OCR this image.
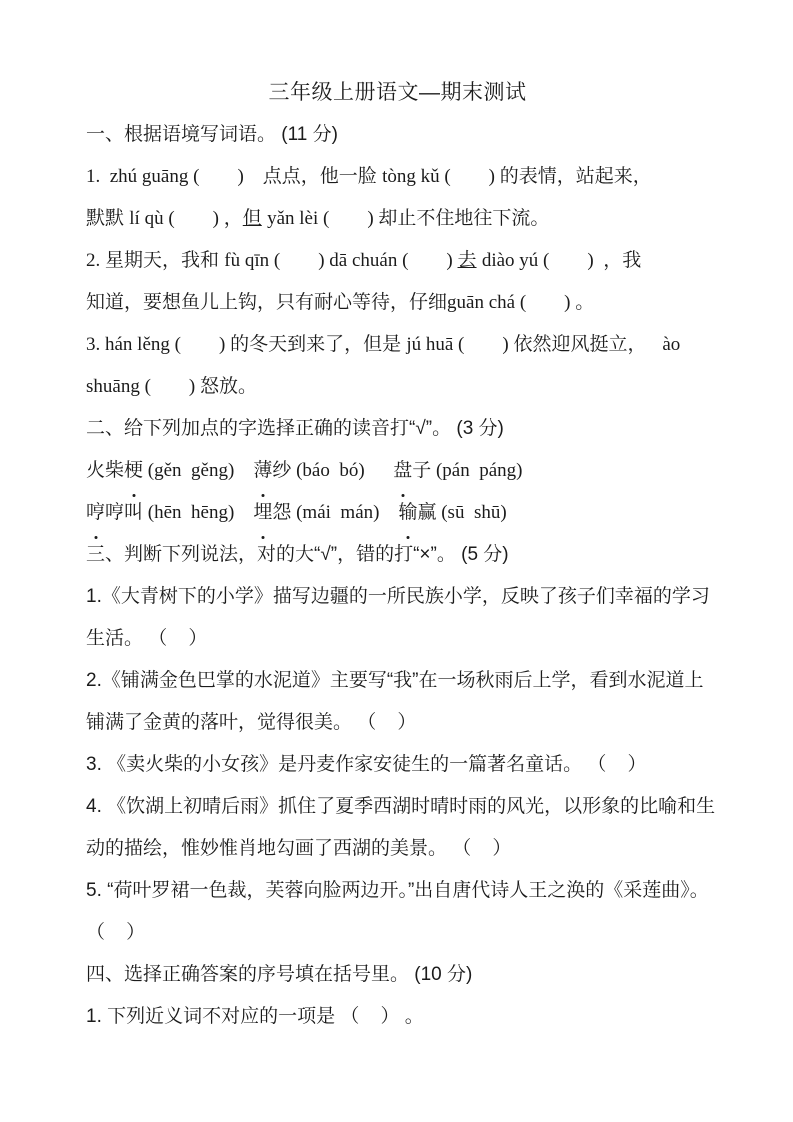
三年级上册语文—期末测试
一、根据语境写词语。 (11 分)
1.  zhú guāng (        )    点点，他一脸 tòng kǔ (        ) 的表情，站起来，
默默 lí qù (        ) ，但 yǎn lèi (        ) 却止不住地往下流。
2. 星期天，我和 fù qīn (        ) dā chuán (        ) 去 diào yú (        )  ，我
知道，要想鱼儿上钩，只有耐心等待，仔细guān chá (        ) 。
3. hán lěng (        ) 的冬天到来了，但是 jú huā (        ) 依然迎风挺立，   ào
shuāng (        ) 怒放。
二、给下列加点的字选择正确的读音打“√”。 (3 分)
火柴梗 (gěn  gěng)    薄纱 (báo  bó)      盘子 (pán  páng)
哼哼叫 (hēn  hēng)    埋怨 (mái  mán)    输赢 (sū  shū)
三、判断下列说法，对的大“√”，错的打“×”。 (5 分)
1.《大青树下的小学》描写边疆的一所民族小学，反映了孩子们幸福的学习
生活。 （    ）
2.《铺满金色巴掌的水泥道》主要写“我”在一场秋雨后上学，看到水泥道上
铺满了金黄的落叶，觉得很美。 （    ）
3. 《卖火柴的小女孩》是丹麦作家安徒生的一篇著名童话。 （    ）
4. 《饮湖上初晴后雨》抓住了夏季西湖时晴时雨的风光，以形象的比喻和生
动的描绘，惟妙惟肖地勾画了西湖的美景。 （    ）
5. “荷叶罗裙一色裁，芙蓉向脸两边开。”出自唐代诗人王之涣的《采莲曲》。
（    ）
四、选择正确答案的序号填在括号里。 (10 分)
1. 下列近义词不对应的一项是 （    ） 。
